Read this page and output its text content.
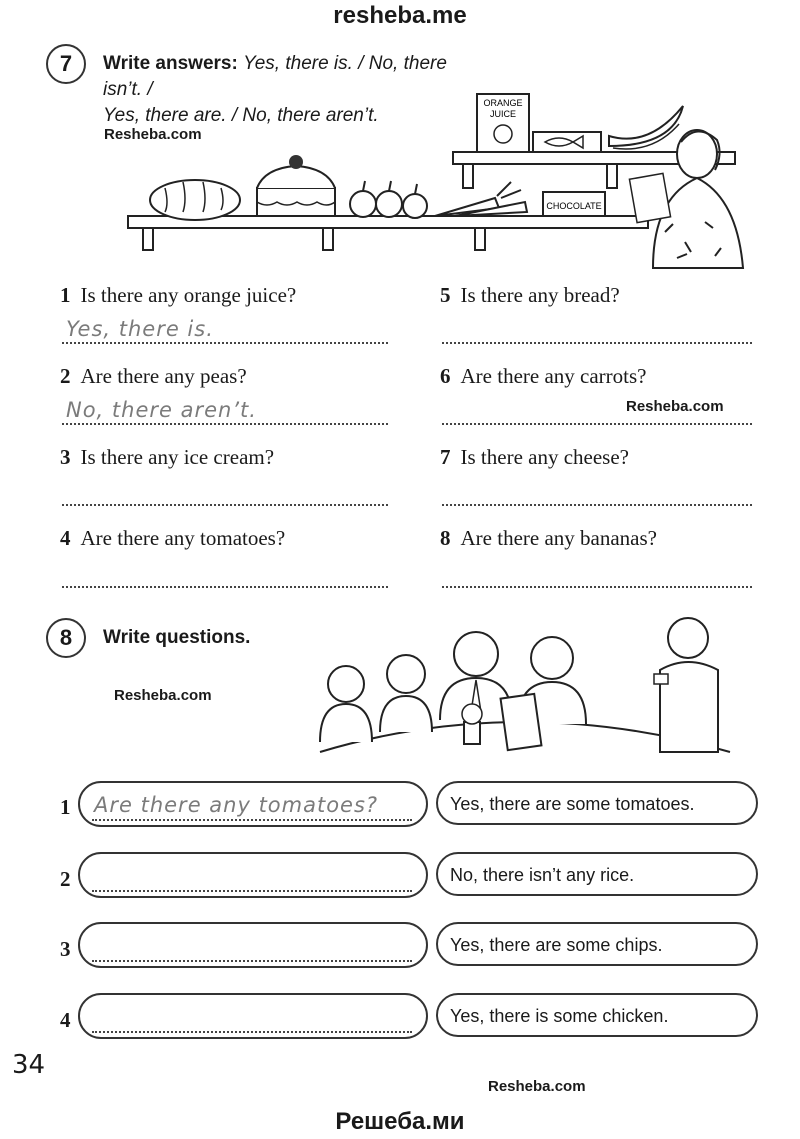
resheba.me
7	Write answers: Yes, there is. / No, there isn’t. /
Yes, there are. / No, there aren’t.
Resheba.com
CHOCOLATE
ORANGE
JUICE
1 Is there any orange juice?
Yes, there is.
2 Are there any peas?
No, there aren’t.
3 Is there any ice cream?
4 Are there any tomatoes?
5 Is there any bread?
6 Are there any carrots?
Resheba.com
7 Is there any cheese?
8 Are there any bananas?
8	Write questions.
Resheba.com
1 Are there any tomatoes?	Yes, there are some tomatoes.
2	No, there isn’t any rice.
3	Yes, there are some chips.
4	Yes, there is some chicken.
34
Resheba.com
Решеба.ми
